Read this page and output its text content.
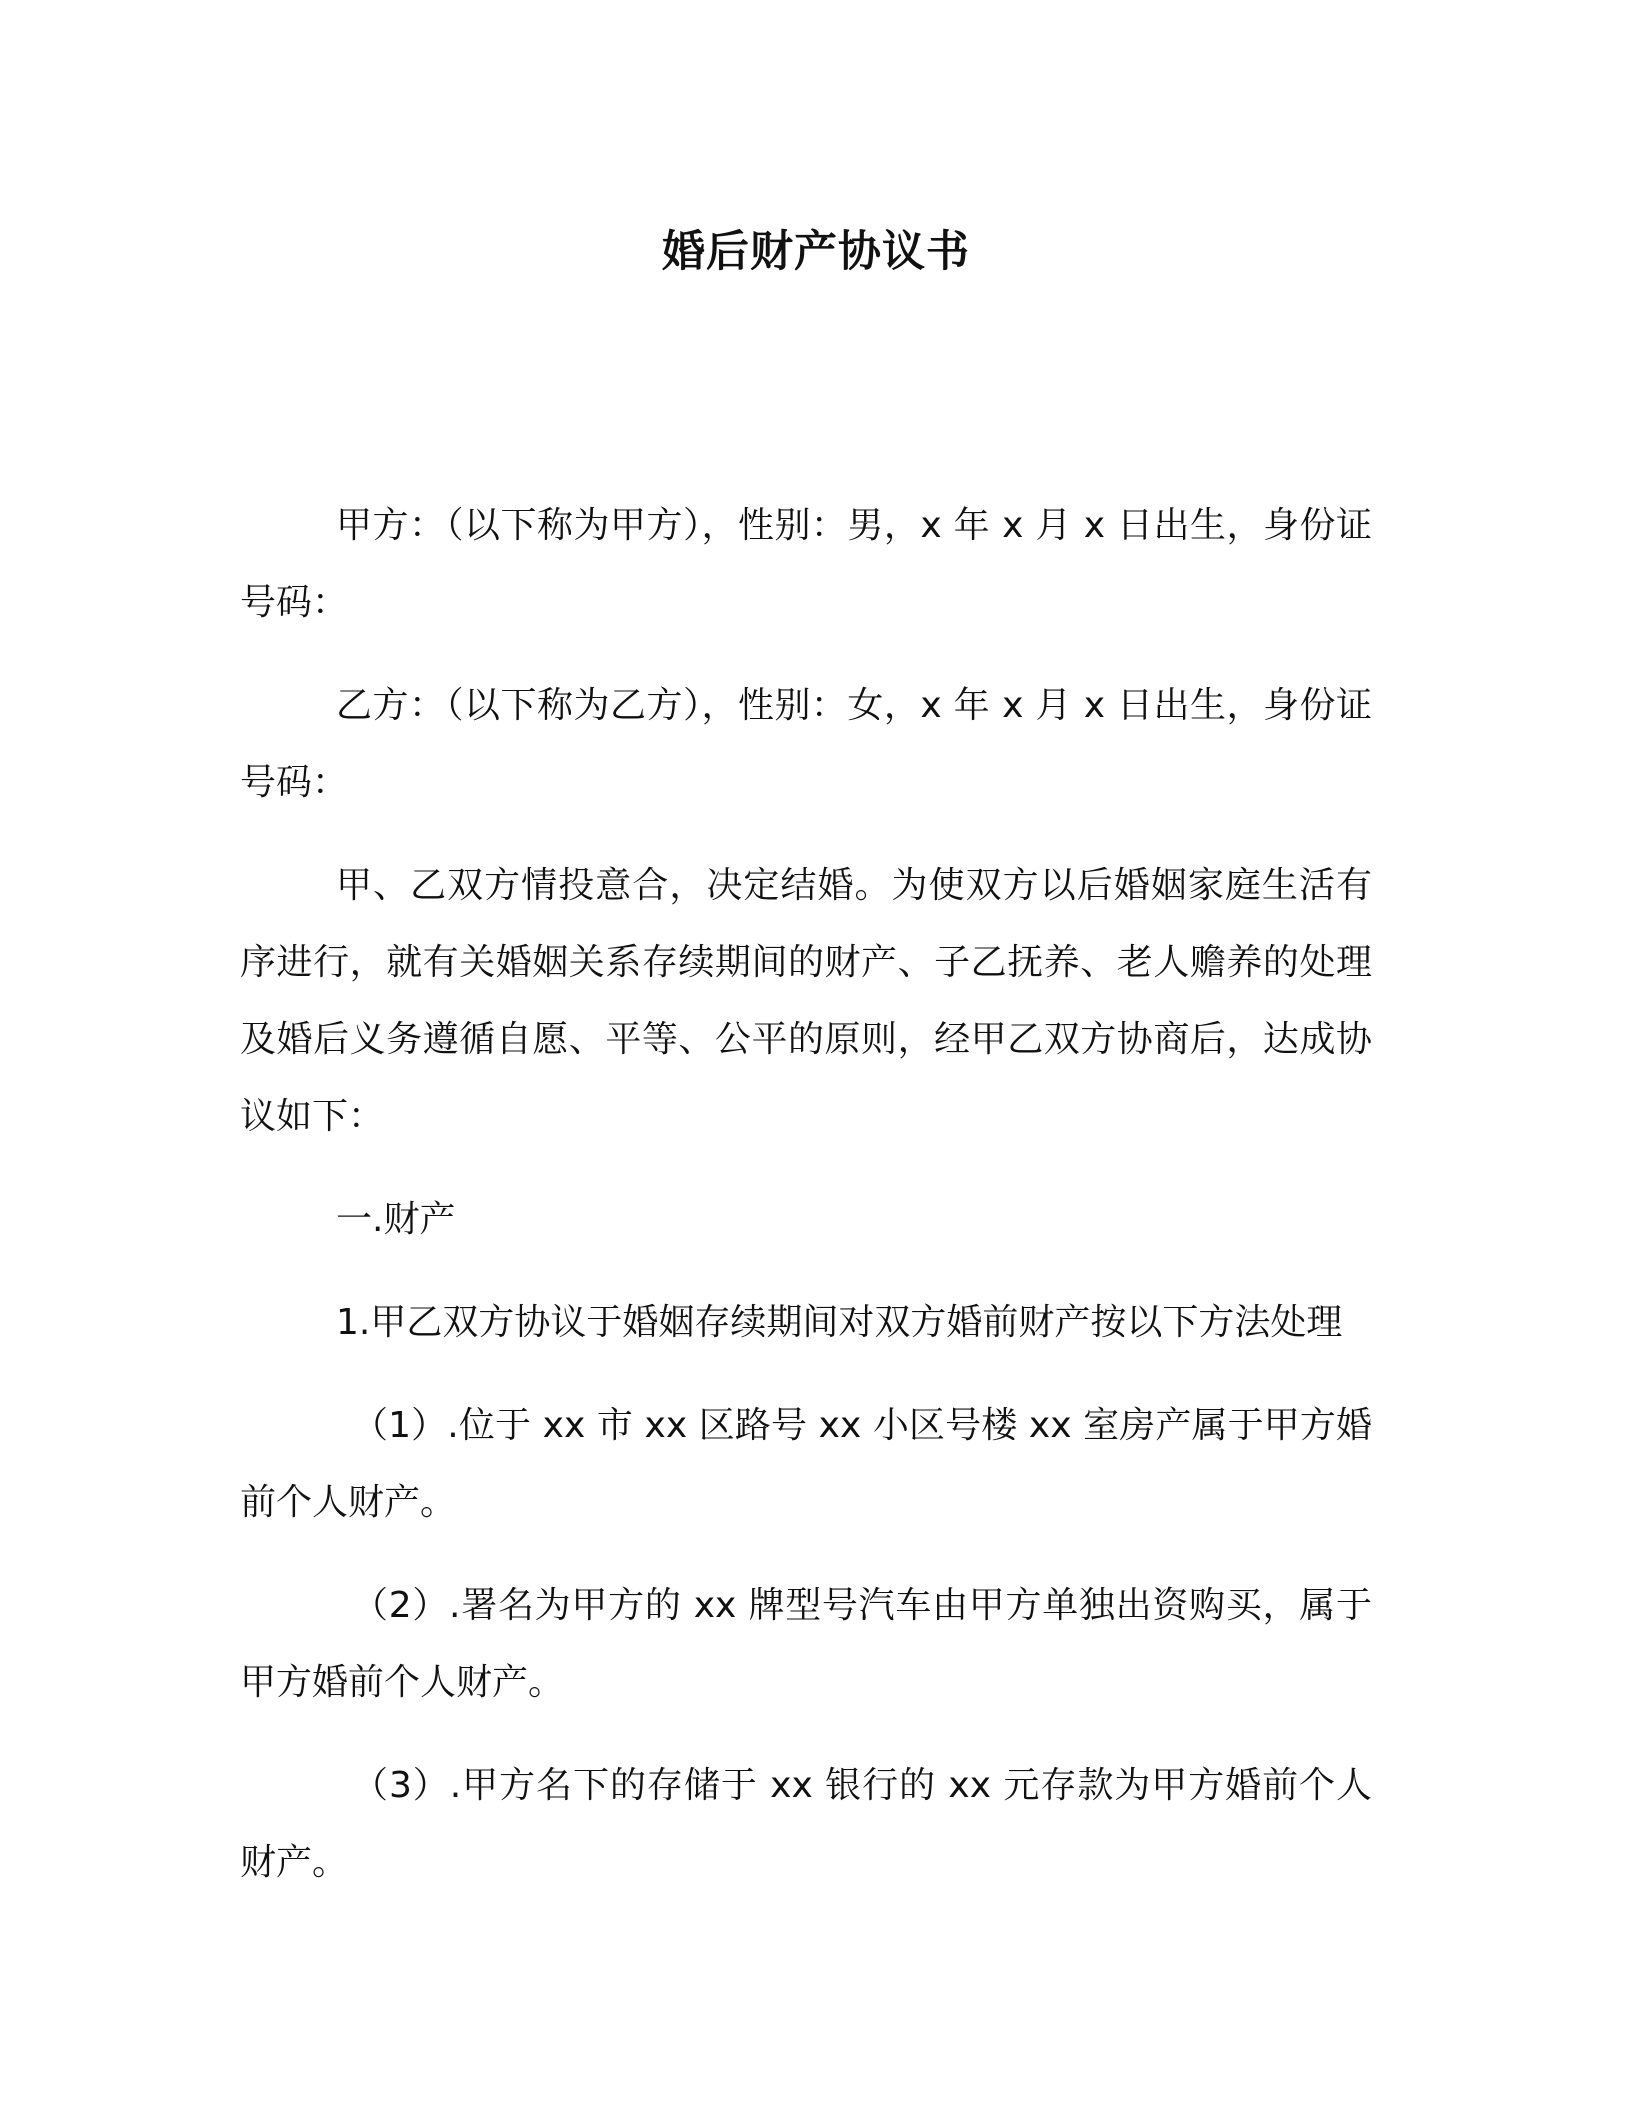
婚后财产协议书

甲方：（以下称为甲方），性别：男，x 年 x 月 x 日出生，身份证号码：

乙方：（以下称为乙方），性别：女，x 年 x 月 x 日出生，身份证号码：

甲、乙双方情投意合，决定结婚。为使双方以后婚姻家庭生活有序进行，就有关婚姻关系存续期间的财产、子乙抚养、老人赡养的处理及婚后义务遵循自愿、平等、公平的原则，经甲乙双方协商后，达成协议如下：

一.财产

1.甲乙双方协议于婚姻存续期间对双方婚前财产按以下方法处理

（1）.位于 xx 市 xx 区路号 xx 小区号楼 xx 室房产属于甲方婚前个人财产。

（2）.署名为甲方的 xx 牌型号汽车由甲方单独出资购买，属于甲方婚前个人财产。

（3）.甲方名下的存储于 xx 银行的 xx 元存款为甲方婚前个人财产。
